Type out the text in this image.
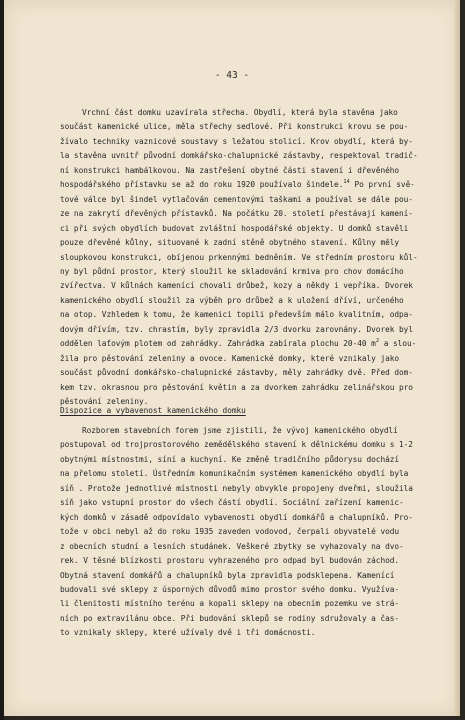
- 43 -
Vrchní část domku uzavírala střecha. Obydlí, která byla stavěna jako
součást kamenické ulice, měla střechy sedlové. Při konstrukci krovu se pou-
žívalo techniky vaznicové soustavy s ležatou stolicí. Krov obydlí, která by-
la stavěna uvnitř původní domkářsko-chalupnické zástavby, respektoval tradič-
ní konstrukci hambálkovou. Na zastřešení obytné části stavení i dřevěného
hospodářského přístavku se až do roku 1920 používalo šindele.$^{14}$ Po první svě-
tové válce byl šindel vytlačován cementovými taškami a používal se dále pou-
ze na zakrytí dřevěných přístavků. Na počátku 20. století přestávají kamení-
ci při svých obydlích budovat zvláštní hospodářské objekty. U domků stavěli
pouze dřevěné kůlny, situované k zadní stěně obytného stavení. Kůlny měly
sloupkovou konstrukci, obíjenou prkennými bedněním. Ve středním prostoru kůl-
ny byl půdní prostor, který sloužil ke skladování krmiva pro chov domácího
zvířectva. V kůlnách kamenící chovali drůbež, kozy a někdy i vepříka. Dvorek
kamenického obydlí sloužil za výběh pro drůbež a k uložení dříví, určeného
na otop. Vzhledem k tomu, že kamenici topili především málo kvalitním, odpa-
dovým dřívím, tzv. chrastím, byly zpravidla 2/3 dvorku zarovnány. Dvorek byl
oddělen laťovým plotem od zahrádky. Zahrádka zabírala plochu 20-40 $m^2$ a slou-
žila pro pěstování zeleniny a ovoce. Kamenické domky, které vznikaly jako
součást původní domkářsko-chalupnické zástavby, měly zahrádky dvě. Před dom-
kem tzv. okrasnou pro pěstování květin a za dvorkem zahrádku zelinářskou pro
pěstování zeleniny.
Dispozice a vybavenost kamenického domku
Rozborem stavebních forem jsme zjistili, že vývoj kamenického obydlí
postupoval od trojprostorového zemědělského stavení k dělnickému domku s 1-2
obytnými místnostmi, síní a kuchyní. Ke změně tradičního půdorysu dochází
na přelomu století. Ústředním komunikačním systémem kamenického obydlí byla
síň . Protože jednotlivé místnosti nebyly obvykle propojeny dveřmi, sloužila
síň jako vstupní prostor do všech částí obydlí. Sociální zařízení kamenic-
kých domků v zásadě odpovídalo vybavenosti obydlí domkářů a chalupníků. Pro-
tože v obci nebyl až do roku 1935 zaveden vodovod, čerpali obyvatelé vodu
z obecních studní a lesních studánek. Veškeré zbytky se vyhazovaly na dvo-
rek. V těsné blízkosti prostoru vyhrazeného pro odpad byl budován záchod.
Obytná stavení domkářů a chalupníků byla zpravidla podsklepena. Kamenící
budovali své sklepy z úsporných důvodů mimo prostor svého domku. Využíva-
li členitosti místního terénu a kopali sklepy na obecním pozemku ve strá-
ních po extravilánu obce. Při budování sklepů se rodiny sdružovaly a čas-
to vznikaly sklepy, které užívaly dvě i tři domácnosti.
